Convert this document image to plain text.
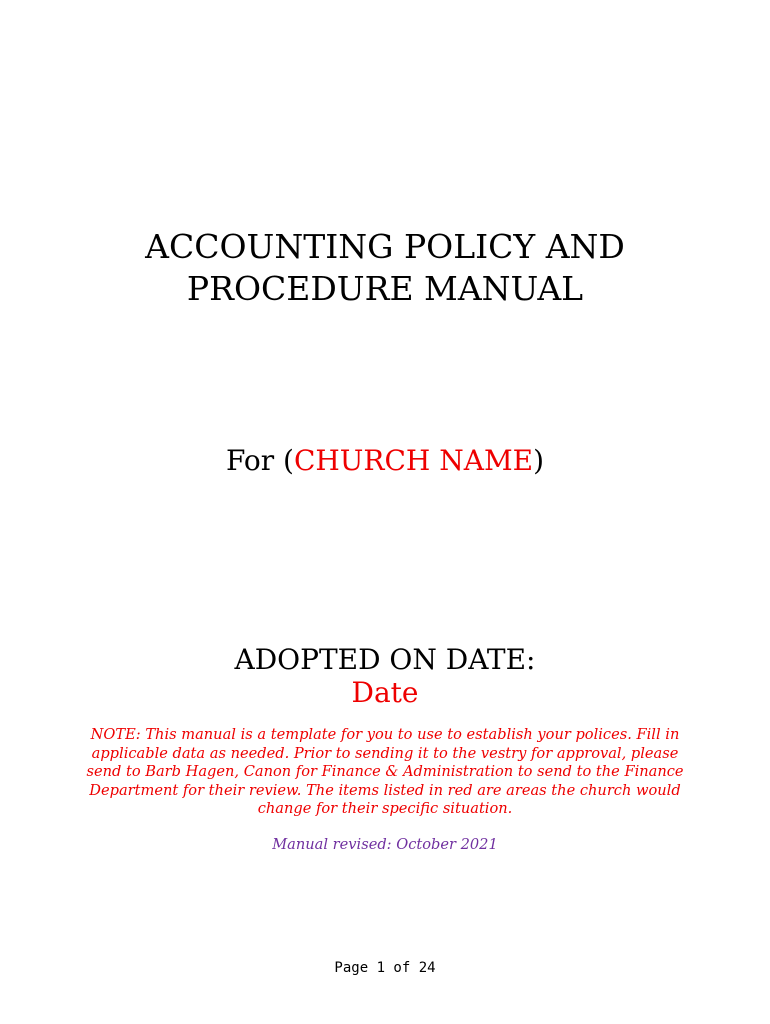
ACCOUNTING POLICY AND
PROCEDURE MANUAL
For (CHURCH NAME)
ADOPTED ON DATE:
Date

NOTE: This manual is a template for you to use to establish your polices. Fill in applicable data as needed. Prior to sending it to the vestry for approval, please send to Barb Hagen, Canon for Finance & Administration to send to the Finance Department for their review. The items listed in red are areas the church would change for their specific situation.

Manual revised: October 2021
Page 1 of 24
